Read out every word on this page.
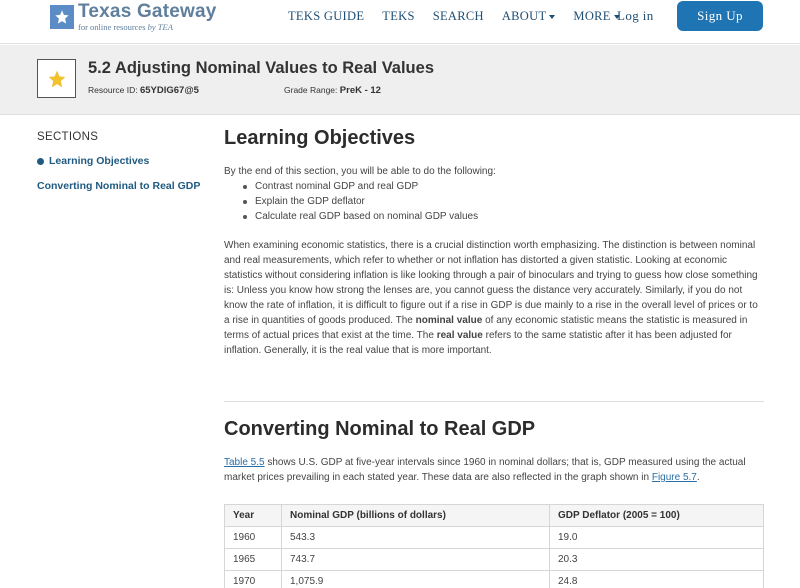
Texas Gateway
for online resources by TEA
TEKS GUIDE TEKS SEARCH ABOUT MORE Log in	Sign Up
5.2 Adjusting Nominal Values to Real Values
Resource ID: 65YDlG67@5	Grade Range: PreK - 12
SECTIONS
Learning Objectives
Converting Nominal to Real GDP
Learning Objectives
By the end of this section, you will be able to do the following:
Contrast nominal GDP and real GDP
Explain the GDP deflator
Calculate real GDP based on nominal GDP values
When examining economic statistics, there is a crucial distinction worth emphasizing. The distinction is between nominal and real measurements, which refer to whether or not inflation has distorted a given statistic. Looking at economic statistics without considering inflation is like looking through a pair of binoculars and trying to guess how close something is: Unless you know how strong the lenses are, you cannot guess the distance very accurately. Similarly, if you do not know the rate of inflation, it is difficult to figure out if a rise in GDP is due mainly to a rise in the overall level of prices or to a rise in quantities of goods produced. The nominal value of any economic statistic means the statistic is measured in terms of actual prices that exist at the time. The real value refers to the same statistic after it has been adjusted for inflation. Generally, it is the real value that is more important.
Converting Nominal to Real GDP
Table 5.5 shows U.S. GDP at five-year intervals since 1960 in nominal dollars; that is, GDP measured using the actual market prices prevailing in each stated year. These data are also reflected in the graph shown in Figure 5.7.
Year	Nominal GDP (billions of dollars)	GDP Deflator (2005 = 100)
1960	543.3	19.0
1965	743.7	20.3
1970	1,075.9	24.8
